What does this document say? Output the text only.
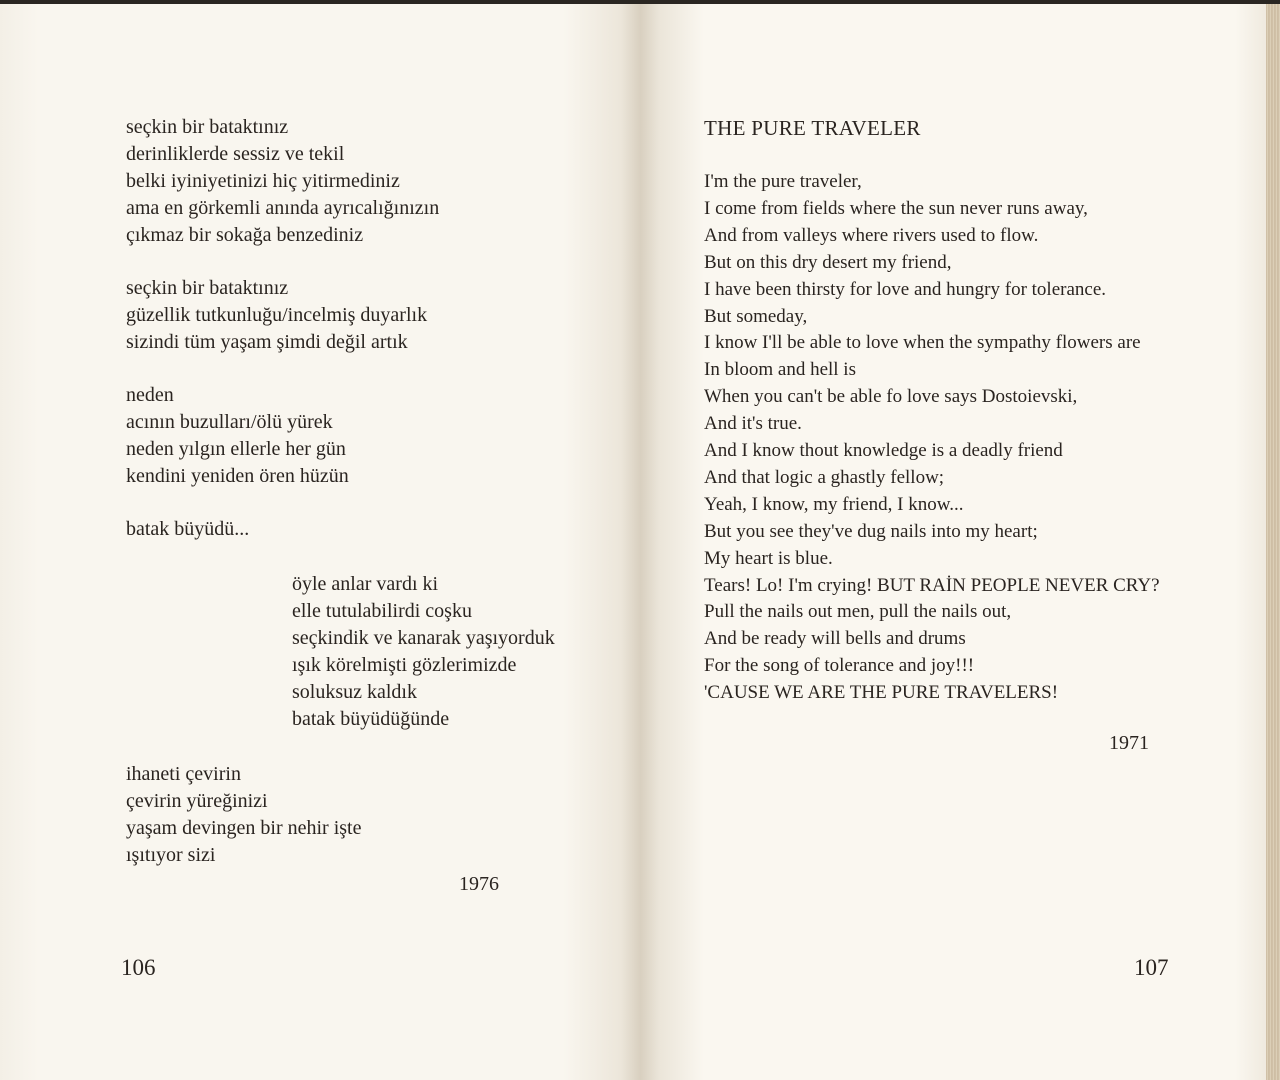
seçkin bir bataktınız
derinliklerde sessiz ve tekil
belki iyiniyetinizi hiç yitirmediniz
ama en görkemli anında ayrıcalığınızın
çıkmaz bir sokağa benzediniz
seçkin bir bataktınız
güzellik tutkunluğu/incelmiş duyarlık
sizindi tüm yaşam şimdi değil artık
neden
acının buzulları/ölü yürek
neden yılgın ellerle her gün
kendini yeniden ören hüzün
batak büyüdü...
öyle anlar vardı ki
elle tutulabilirdi coşku
seçkindik ve kanarak yaşıyorduk
ışık körelmişti gözlerimizde
soluksuz kaldık
batak büyüdüğünde
ihaneti çevirin
çevirin yüreğinizi
yaşam devingen bir nehir işte
ışıtıyor sizi
1976
106
THE PURE TRAVELER
I'm the pure traveler,
I come from fields where the sun never runs away,
And from valleys where rivers used to flow.
But on this dry desert my friend,
I have been thirsty for love and hungry for tolerance.
But someday,
I know I'll be able to love when the sympathy flowers are
In bloom and hell is
When you can't be able fo love says Dostoievski,
And it's true.
And I know thout knowledge is a deadly friend
And that logic a ghastly fellow;
Yeah, I know, my friend, I know...
But you see they've dug nails into my heart;
My heart is blue.
Tears! Lo! I'm crying! BUT RAİN PEOPLE NEVER CRY?
Pull the nails out men, pull the nails out,
And be ready will bells and drums
For the song of tolerance and joy!!!
'CAUSE WE ARE THE PURE TRAVELERS!
1971
107
